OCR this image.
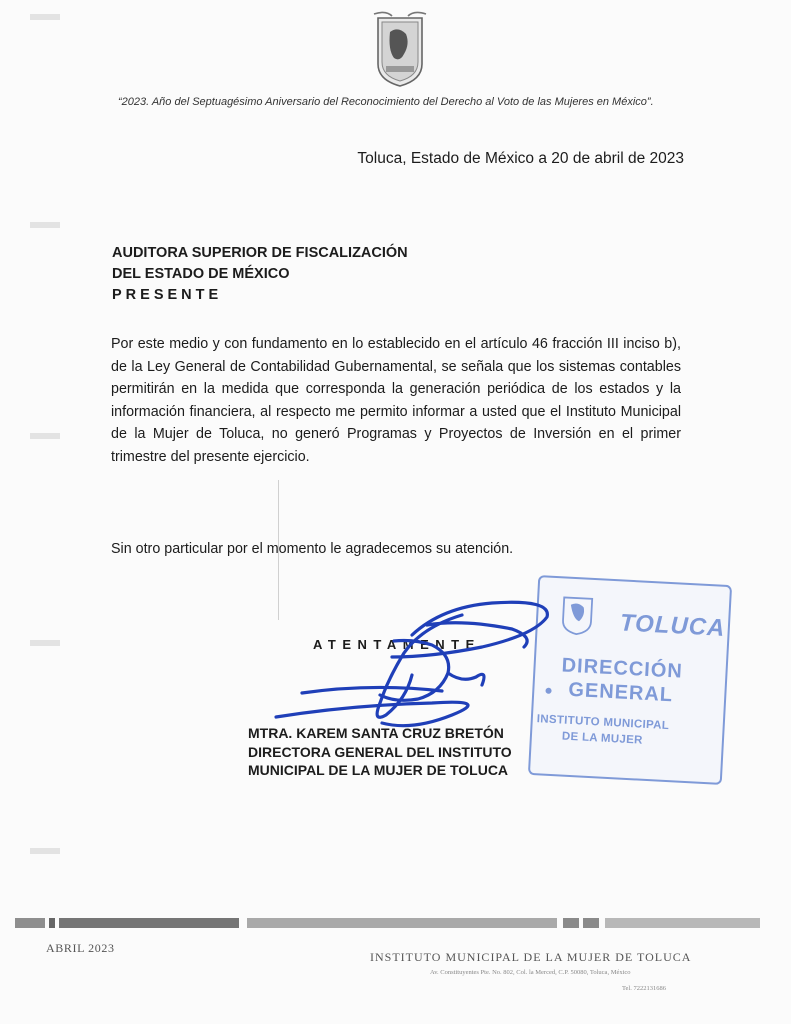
“2023. Año del Septuagésimo Aniversario del Reconocimiento del Derecho al Voto de las Mujeres en México”.
Toluca, Estado de México a 20 de abril de 2023
AUDITORA SUPERIOR DE FISCALIZACIÓN
DEL ESTADO DE MÉXICO
PRESENTE
Por este medio y con fundamento en lo establecido en el artículo 46 fracción III inciso b), de la Ley General de Contabilidad Gubernamental, se señala que los sistemas contables permitirán en la medida que corresponda la generación periódica de los estados y la información financiera, al respecto me permito informar a usted que el Instituto Municipal de la Mujer de Toluca, no generó Programas y Proyectos de Inversión en el primer trimestre del presente ejercicio.
Sin otro particular por el momento le agradecemos su atención.
TOLUCA
DIRECCIÓN
● GENERAL
INSTITUTO MUNICIPAL
DE LA MUJER
ATENTAMENTE
MTRA. KAREM SANTA CRUZ BRETÓN
DIRECTORA GENERAL DEL INSTITUTO
MUNICIPAL DE LA MUJER DE TOLUCA
ABRIL 2023
INSTITUTO MUNICIPAL DE LA MUJER DE TOLUCA
Av. Constituyentes Pte. No. 802, Col. la Merced, C.P. 50080, Toluca, México
Tel. 7222131686
